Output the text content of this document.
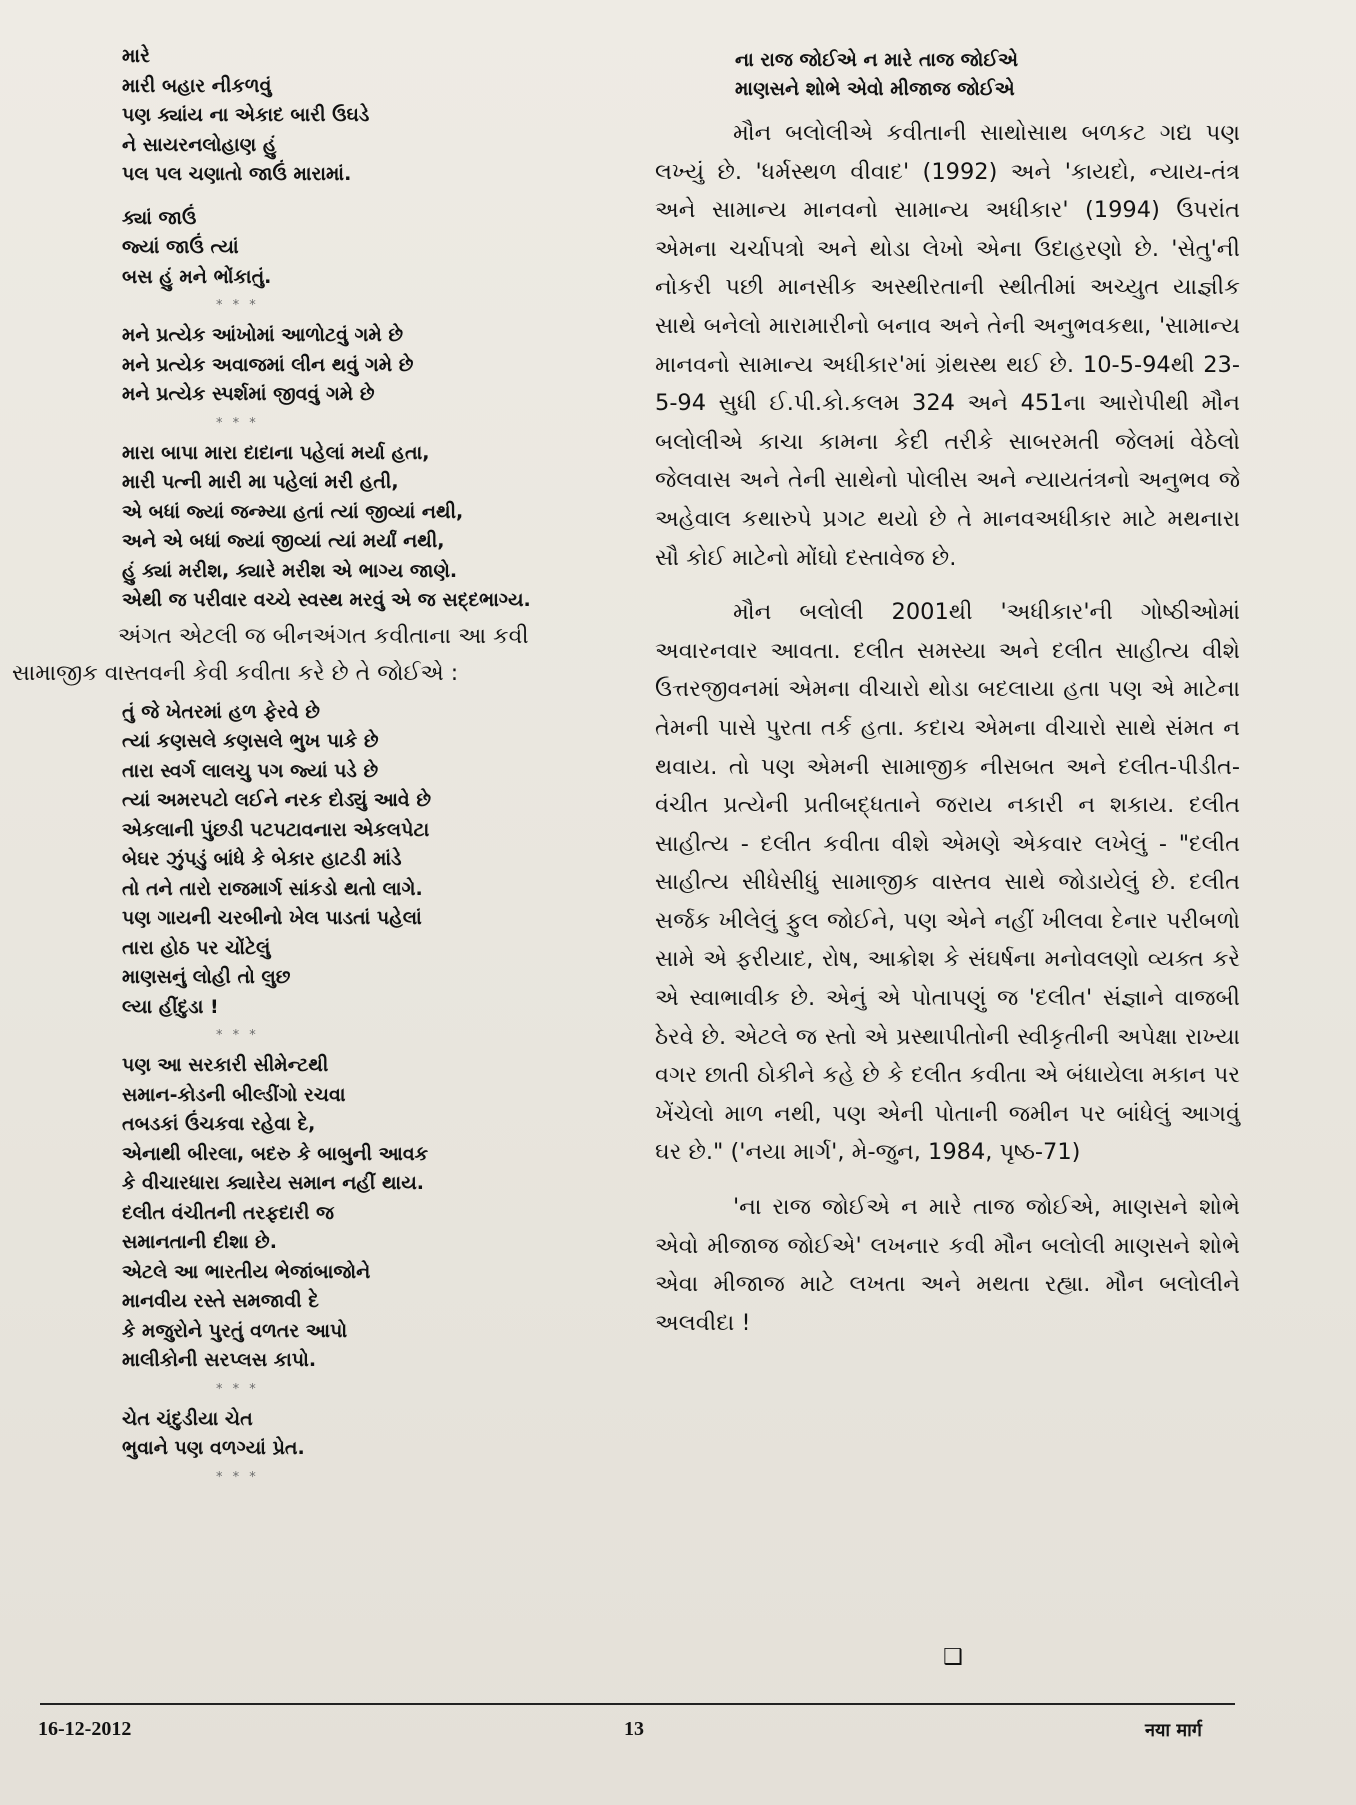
મારે
મારી બહાર નીકળવું
પણ ક્યાંય ના એકાદ બારી ઉઘડે
ને સાયરનલોહાણ હું
પલ પલ ચણાતો જાઉં મારામાં.
ક્યાં જાઉં
જ્યાં જાઉં ત્યાં
બસ હું મને ભોંકાતું.
* * *
મને પ્રત્યેક આંખોમાં આળોટવું ગમે છે
મને પ્રત્યેક અવાજમાં લીન થવું ગમે છે
મને પ્રત્યેક સ્પર્શમાં જીવવું ગમે છે
* * *
મારા બાપા મારા દાદાના પહેલાં મર્યા હતા,
મારી પત્ની મારી મા પહેલાં મરી હતી,
એ બધાં જ્યાં જન્મ્યા હતાં ત્યાં જીવ્યાં નથી,
અને એ બધાં જ્યાં જીવ્યાં ત્યાં મર્યાં નથી,
હું ક્યાં મરીશ, ક્યારે મરીશ એ ભાગ્ય જાણે.
એથી જ પરીવાર વચ્ચે સ્વસ્થ મરવું એ જ સદ્દભાગ્ય.
અંગત એટલી જ બીનઅંગત કવીતાના આ કવી
સામાજીક વાસ્તવની કેવી કવીતા કરે છે તે જોઈએ :
તું જે ખેતરમાં હળ ફેરવે છે
ત્યાં કણસલે કણસલે ભુખ પાકે છે
તારા સ્વર્ગ લાલચુ પગ જ્યાં પડે છે
ત્યાં અમરપટો લઈને નરક દોડ્યું આવે છે
એકલાની પુંછડી પટપટાવનારા એકલપેટા
બેઘર ઝુંપડું બાંધે કે બેકાર હાટડી માંડે
તો તને તારો રાજમાર્ગ સાંકડો થતો લાગે.
પણ ગાયની ચરબીનો ખેલ પાડતાં પહેલાં
તારા હોઠ પર ચોંટેલું
માણસનું લોહી તો લુછ
લ્યા હીંદુડા !
* * *
પણ આ સરકારી સીમેન્ટથી
સમાન-કોડની બીલ્ડીંગો રચવા
તબડકાં ઉંચકવા રહેવા દે,
એનાથી બીરલા, બદરુ કે બાબુની આવક
કે વીચારધારા ક્યારેય સમાન નહીં થાય.
દલીત વંચીતની તરફદારી જ
સમાનતાની દીશા છે.
એટલે આ ભારતીય ભેજાંબાજોને
માનવીય રસ્તે સમજાવી દે
કે મજુરોને પુરતું વળતર આપો
માલીકોની સરપ્લસ કાપો.
* * *
ચેત ચંદુડીયા ચેત
ભુવાને પણ વળગ્યાં પ્રેત.
* * *
ના રાજ જોઈએ ન મારે તાજ જોઈએ
માણસને શોભે એવો મીજાજ જોઈએ

મૌન બલોલીએ કવીતાની સાથોસાથ બળકટ ગદ્ય પણ લખ્યું છે. 'ધર્મસ્થળ વીવાદ' (1992) અને 'કાયદો, ન્યાય-તંત્ર અને સામાન્ય માનવનો સામાન્ય અધીકાર' (1994) ઉપરાંત એમના ચર્ચાપત્રો અને થોડા લેખો એના ઉદાહરણો છે. 'સેતુ'ની નોકરી પછી માનસીક અસ્થીરતાની સ્થીતીમાં અચ્યુત યાજ્ઞીક સાથે બનેલો મારામારીનો બનાવ અને તેની અનુભવકથા, 'સામાન્ય માનવનો સામાન્ય અધીકાર'માં ગ્રંથસ્થ થઈ છે. 10-5-94થી 23-5-94 સુધી ઈ.પી.કો.કલમ 324 અને 451ના આરોપીથી મૌન બલોલીએ કાચા કામના કેદી તરીકે સાબરમતી જેલમાં વેઠેલો જેલવાસ અને તેની સાથેનો પોલીસ અને ન્યાયતંત્રનો અનુભવ જે અહેવાલ કથારુપે પ્રગટ થયો છે તે માનવઅધીકાર માટે મથનારા સૌ કોઈ માટેનો મોંઘો દસ્તાવેજ છે.

મૌન બલોલી 2001થી 'અધીકાર'ની ગોષ્ઠીઓમાં અવારનવાર આવતા. દલીત સમસ્યા અને દલીત સાહીત્ય વીશે ઉત્તરજીવનમાં એમના વીચારો થોડા બદલાયા હતા પણ એ માટેના તેમની પાસે પુરતા તર્ક હતા. કદાચ એમના વીચારો સાથે સંમત ન થવાય. તો પણ એમની સામાજીક નીસબત અને દલીત-પીડીત-વંચીત પ્રત્યેની પ્રતીબદ્ધતાને જરાય નકારી ન શકાય. દલીત સાહીત્ય - દલીત કવીતા વીશે એમણે એકવાર લખેલું - "દલીત સાહીત્ય સીધેસીધું સામાજીક વાસ્તવ સાથે જોડાયેલું છે. દલીત સર્જક ખીલેલું ફુલ જોઈને, પણ એને નહીં ખીલવા દેનાર પરીબળો સામે એ ફરીયાદ, રોષ, આક્રોશ કે સંઘર્ષના મનોવલણો વ્યક્ત કરે એ સ્વાભાવીક છે. એનું એ પોતાપણું જ 'દલીત' સંજ્ઞાને વાજબી ઠેરવે છે. એટલે જ સ્તો એ પ્રસ્થાપીતોની સ્વીકૃતીની અપેક્ષા રાખ્યા વગર છાતી ઠોકીને કહે છે કે દલીત કવીતા એ બંધાયેલા મકાન પર ખેંચેલો માળ નથી, પણ એની પોતાની જમીન પર બાંધેલું આગવું ઘર છે." ('નયા માર્ગ', મે-જુન, 1984, પૃષ્ઠ-71)

'ના રાજ જોઈએ ન મારે તાજ જોઈએ, માણસને શોભે એવો મીજાજ જોઈએ' લખનાર કવી મૌન બલોલી માણસને શોભે એવા મીજાજ માટે લખતા અને મથતા રહ્યા. મૌન બલોલીને અલવીદા !

❑
16-12-2012	13	नया मार्ग
